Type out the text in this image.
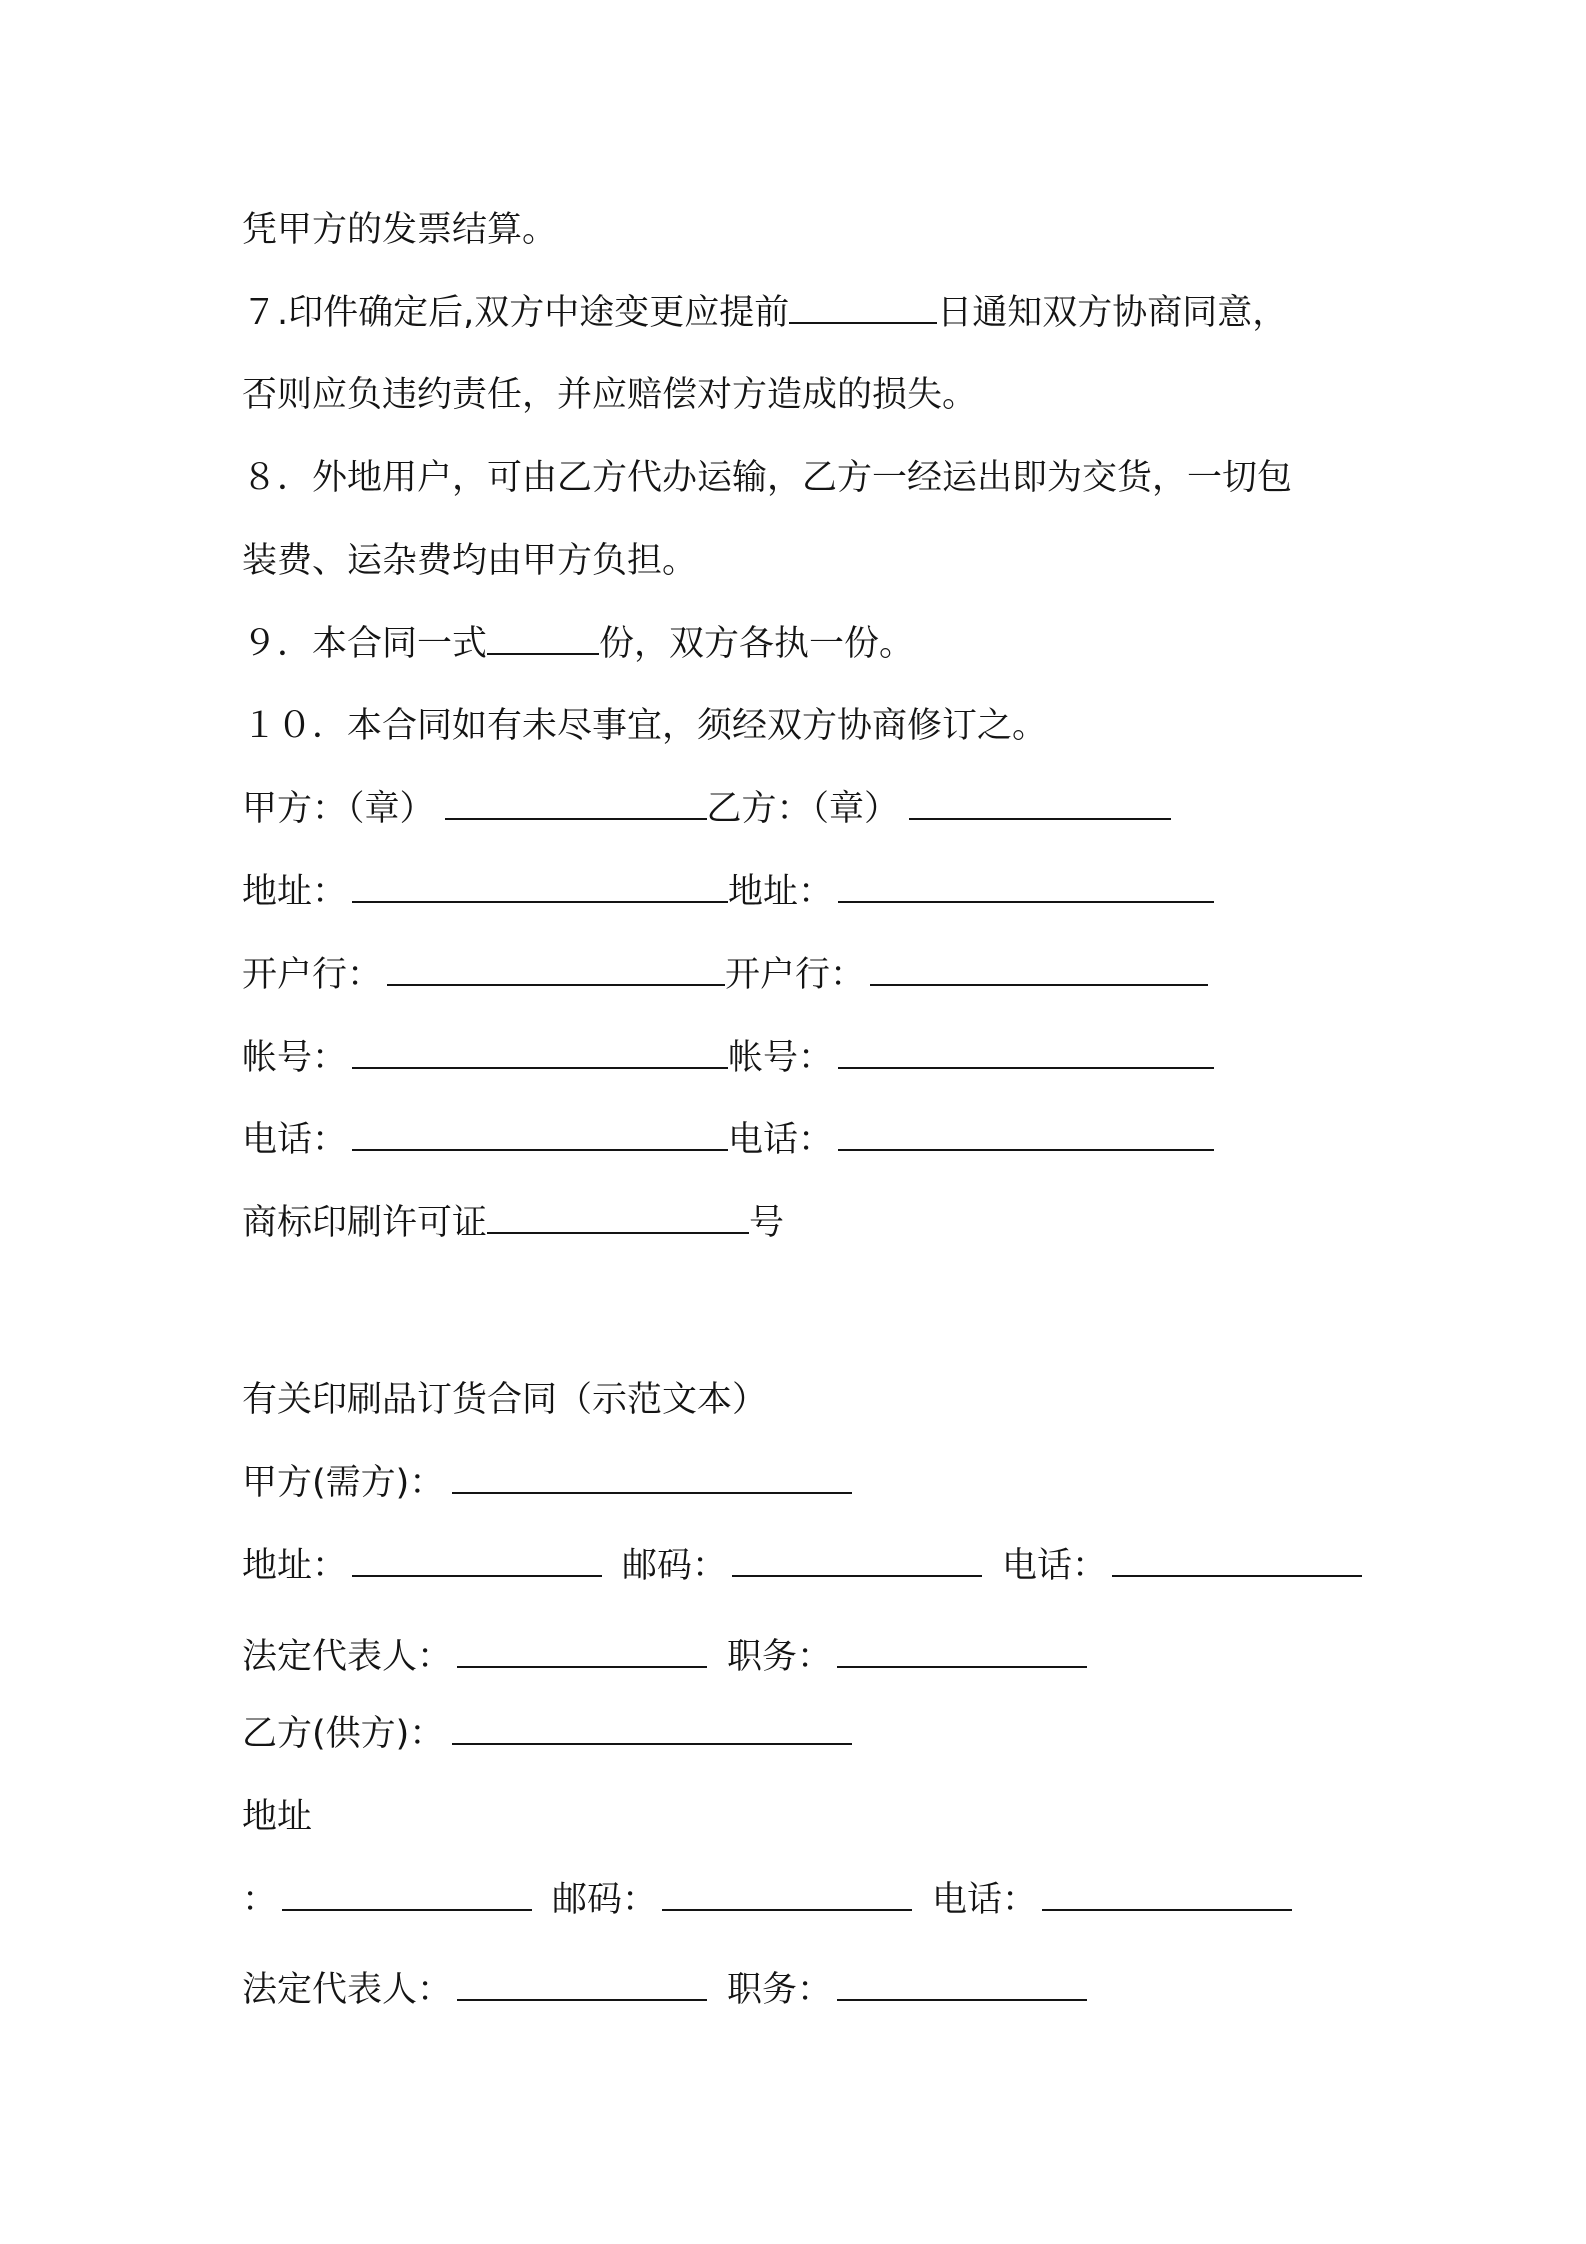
凭甲方的发票结算。
７.印件确定后,双方中途变更应提前	日通知双方协商同意，
否则应负违约责任，并应赔偿对方造成的损失。
８．外地用户，可由乙方代办运输，乙方一经运出即为交货，一切包
装费、运杂费均由甲方负担。
９．本合同一式	份，双方各执一份。
１０．本合同如有未尽事宜，须经双方协商修订之。
甲方：（章）	乙方：（章）
地址：	地址：
开户行：	开户行：
帐号：	帐号：
电话：	电话：
商标印刷许可证	号
有关印刷品订货合同（示范文本）
甲方(需方)：
地址：	邮码：	电话：
法定代表人：	职务：
乙方(供方)：
地址
：	邮码：	电话：
法定代表人：	职务：
